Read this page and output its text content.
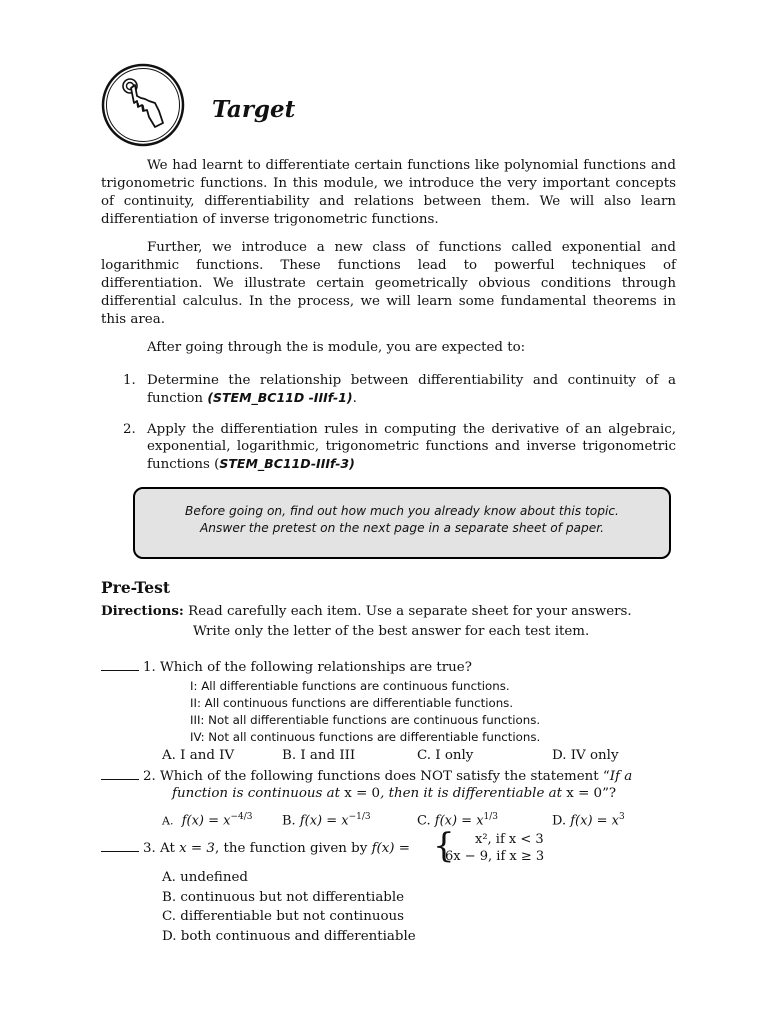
Target

We had learnt to differentiate certain functions like polynomial functions and trigonometric functions. In this module, we introduce the very important concepts of continuity, differentiability and relations between them. We will also learn differentiation of inverse trigonometric functions.

Further, we introduce a new class of functions called exponential and logarithmic functions. These functions lead to powerful techniques of differentiation. We illustrate certain geometrically obvious conditions through differential calculus. In the process, we will learn some fundamental theorems in this area.

After going through the is module, you are expected to:

1. Determine the relationship between differentiability and continuity of a function (STEM_BC11D -IIIf-1).
2. Apply the differentiation rules in computing the derivative of an algebraic, exponential, logarithmic, trigonometric functions and inverse trigonometric functions (STEM_BC11D-IIIf-3)
Before going on, find out how much you already know about this topic.
Answer the pretest on the next page in a separate sheet of paper.
Pre-Test
Directions: Read carefully each item. Use a separate sheet for your answers.
Write only the letter of the best answer for each test item.
1. Which of the following relationships are true?
I: All differentiable functions are continuous functions.
II: All continuous functions are differentiable functions.
III: Not all differentiable functions are continuous functions.
IV: Not all continuous functions are differentiable functions.
A. I and IV	B. I and III	C. I only	D. IV only
2. Which of the following functions does NOT satisfy the statement “If a
function is continuous at x = 0, then it is differentiable at x = 0”?
A. $f(x) = x^{-4/3}$ B. $f(x) = x^{-1/3}$	C. $f(x) = x^{1/3}$	D. $f(x) = x^3$
3. At x = 3, the function given by f(x) = {	x², if x < 3
6x − 9, if x ≥ 3
A. undefined
B. continuous but not differentiable
C. differentiable but not continuous
D. both continuous and differentiable
